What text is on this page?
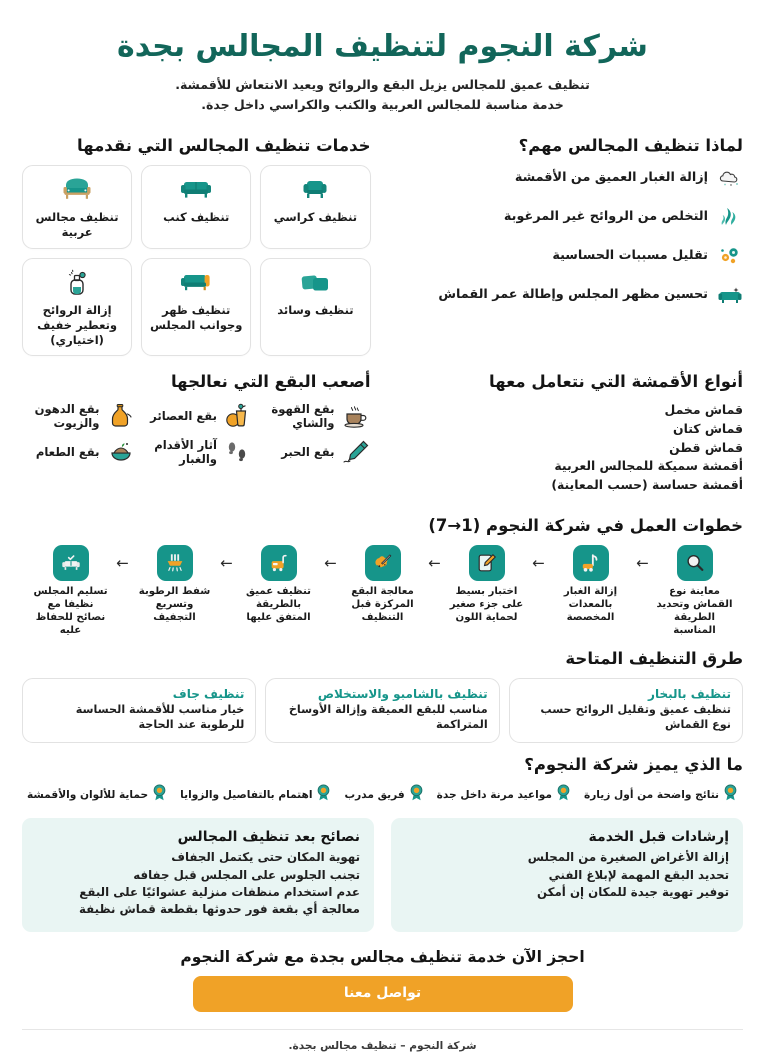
شركة النجوم لتنظيف المجالس بجدة
تنظيف عميق للمجالس يزيل البقع والروائح ويعيد الانتعاش للأقمشة.
خدمة مناسبة للمجالس العربية والكنب والكراسي داخل جدة.
لماذا تنظيف المجالس مهم؟
إزالة الغبار العميق من الأقمشة
التخلص من الروائح غير المرغوبة
تقليل مسببات الحساسية
تحسين مظهر المجلس وإطالة عمر القماش
خدمات تنظيف المجالس التي نقدمها
تنظيف كراسي
تنظيف كنب
تنظيف مجالس عربية
تنظيف وسائد
تنظيف ظهر وجوانب المجلس
إزالة الروائح وتعطير خفيف (اختياري)
أنواع الأقمشة التي نتعامل معها
قماش مخمل
قماش كتان
قماش قطن
أقمشة سميكة للمجالس العربية
أقمشة حساسة (حسب المعاينة)
أصعب البقع التي نعالجها
بقع القهوة والشاي
بقع العصائر
بقع الدهون والزيوت
بقع الحبر
آثار الأقدام والغبار
بقع الطعام
خطوات العمل في شركة النجوم (1→7)
معاينة نوع القماش وتحديد الطريقة المناسبة
←
إزالة الغبار بالمعدات المخصصة
←
اختبار بسيط على جزء صغير لحماية اللون
←
معالجة البقع المركزة قبل التنظيف
←
تنظيف عميق بالطريقة المتفق عليها
←
شفط الرطوبة وتسريع التجفيف
←
تسليم المجلس نظيفا مع نصائح للحفاظ عليه
طرق التنظيف المتاحة
تنظيف بالبخار
تنظيف عميق وتقليل الروائح حسب نوع القماش
تنظيف بالشامبو والاستخلاص
مناسب للبقع العميقة وإزالة الأوساخ المتراكمة
تنظيف جاف
خيار مناسب للأقمشة الحساسة للرطوبة عند الحاجة
ما الذي يميز شركة النجوم؟
نتائج واضحة من أول زيارة
مواعيد مرنة داخل جدة
فريق مدرب
اهتمام بالتفاصيل والزوايا
حماية للألوان والأقمشة
إرشادات قبل الخدمة
إزالة الأغراض الصغيرة من المجلس
تحديد البقع المهمة لإبلاغ الفني
توفير تهوية جيدة للمكان إن أمكن
نصائح بعد تنظيف المجالس
تهوية المكان حتى يكتمل الجفاف
تجنب الجلوس على المجلس قبل جفافه
عدم استخدام منظفات منزلية عشوائيًا على البقع
معالجة أي بقعة فور حدوثها بقطعة قماش نظيفة
احجز الآن خدمة تنظيف مجالس بجدة مع شركة النجوم
تواصل معنا
شركة النجوم – تنظيف مجالس بجدة.
